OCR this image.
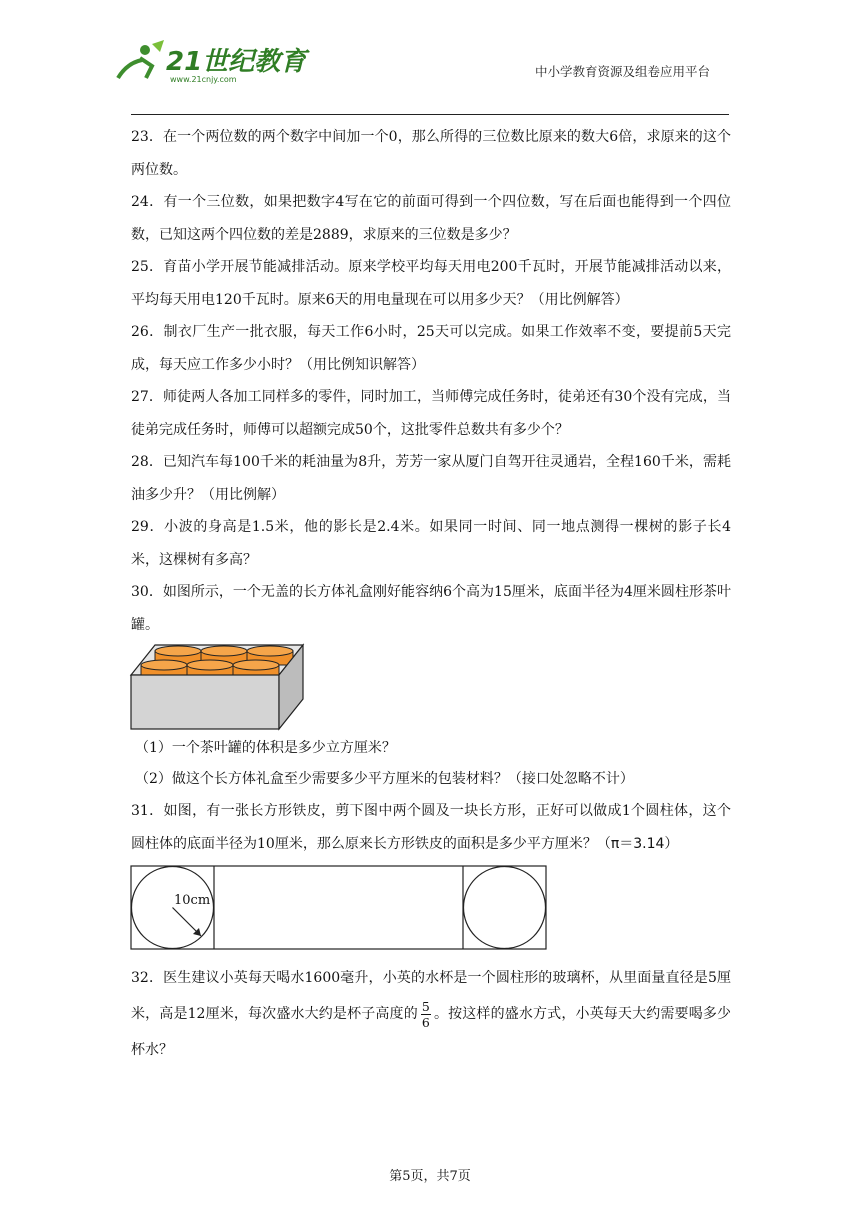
21世纪教育
www.21cnjy.com
中小学教育资源及组卷应用平台

23．在一个两位数的两个数字中间加一个0，那么所得的三位数比原来的数大6倍，求原来的这个两位数。

24．有一个三位数，如果把数字4写在它的前面可得到一个四位数，写在后面也能得到一个四位数，已知这两个四位数的差是2889，求原来的三位数是多少？

25．育苗小学开展节能减排活动。原来学校平均每天用电200千瓦时，开展节能减排活动以来，平均每天用电120千瓦时。原来6天的用电量现在可以用多少天？（用比例解答）

26．制衣厂生产一批衣服，每天工作6小时，25天可以完成。如果工作效率不变，要提前5天完成，每天应工作多少小时？（用比例知识解答）

27．师徒两人各加工同样多的零件，同时加工，当师傅完成任务时，徒弟还有30个没有完成，当徒弟完成任务时，师傅可以超额完成50个，这批零件总数共有多少个？

28．已知汽车每100千米的耗油量为8升，芳芳一家从厦门自驾开往灵通岩，全程160千米，需耗油多少升？（用比例解）

29．小波的身高是1.5米，他的影长是2.4米。如果同一时间、同一地点测得一棵树的影子长4米，这棵树有多高？

30．如图所示，一个无盖的长方体礼盒刚好能容纳6个高为15厘米，底面半径为4厘米圆柱形茶叶罐。

（1）一个茶叶罐的体积是多少立方厘米？

（2）做这个长方体礼盒至少需要多少平方厘米的包装材料？（接口处忽略不计）

31．如图，有一张长方形铁皮，剪下图中两个圆及一块长方形，正好可以做成1个圆柱体，这个圆柱体的底面半径为10厘米，那么原来长方形铁皮的面积是多少平方厘米？（π＝3.14）

10cm

32．医生建议小英每天喝水1600毫升，小英的水杯是一个圆柱形的玻璃杯，从里面量直径是5厘米，高是12厘米，每次盛水大约是杯子高度的 $\frac{5}{6}$ 。按这样的盛水方式，小英每天大约需要喝多少杯水？

第5页，共7页
